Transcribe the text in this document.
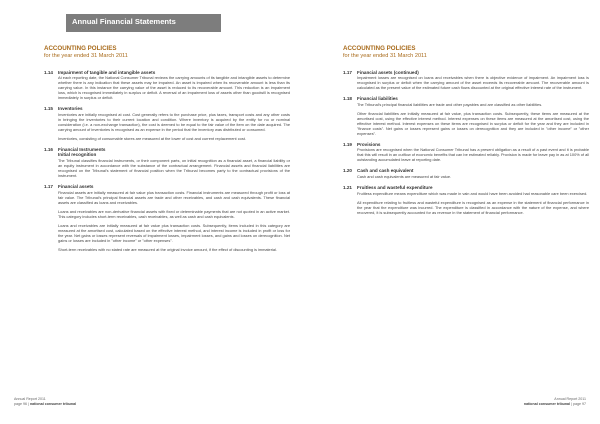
Annual Financial Statements
ACCOUNTING POLICIES
for the year ended 31 March 2011
1.14 Impairment of tangible and intangible assets
At each reporting date, the National Consumer Tribunal reviews the carrying amounts of its tangible and intangible assets to determine whether there is any indication that these assets may be impaired. An asset is impaired when its recoverable amount is less than its carrying value. In this instance the carrying value of the asset is reduced to its recoverable amount. This reduction is an impairment loss, which is recognised immediately in surplus or deficit. A reversal of an impairment loss of assets other than goodwill is recognised immediately in surplus or deficit.
1.15 Inventories
Inventories are initially recognised at cost. Cost generally refers to the purchase price, plus taxes, transport costs and any other costs in bringing the inventories to their current location and condition. Where inventory is acquired by the entity for no or nominal consideration (i.e. a non-exchange transaction), the cost is deemed to be equal to the fair value of the item on the date acquired. The carrying amount of inventories is recognised as an expense in the period that the inventory was distributed or consumed.
Inventories, consisting of consumable stores are measured at the lower of cost and current replacement cost.
1.16 Financial Instruments
Initial recognition
The Tribunal classifies financial instruments, or their component parts, on initial recognition as a financial asset, a financial liability or an equity instrument in accordance with the substance of the contractual arrangement. Financial assets and financial liabilities are recognised on the Tribunal's statement of financial position when the Tribunal becomes party to the contractual provisions of the instrument.
1.17 Financial assets
Financial assets are initially measured at fair value plus transaction costs. Financial instruments are measured through profit or loss at fair value. The Tribunal's principal financial assets are trade and other receivables, and cash and cash equivalents. These financial assets are classified as loans and receivables.
Loans and receivables are non-derivative financial assets with fixed or determinable payments that are not quoted in an active market. This category includes short-term receivables, cash receivables, as well as cash and cash equivalents.
Loans and receivables are initially measured at fair value plus transaction costs. Subsequently, items included in this category are measured at the amortised cost, calculated based on the effective interest method, and interest income is included in profit or loss for the year. Net gains or losses represent reversals of impairment losses, impairment losses, and gains and losses on derecognition. Net gains or losses are included in "other income" or "other expenses".
Short-term receivables with no stated rate are measured at the original invoice amount, if the effect of discounting is immaterial.
ACCOUNTING POLICIES
for the year ended 31 March 2011
1.17 Financial assets (continued)
Impairment losses are recognised on loans and receivables when there is objective evidence of impairment. An impairment loss is recognised in surplus or deficit when the carrying amount of the asset exceeds its recoverable amount. The recoverable amount is calculated as the present value of the estimated future cash flows discounted at the original effective interest rate of the instrument.
1.18 Financial liabilities
The Tribunal's principal financial liabilities are trade and other payables and are classified as other liabilities.
Other financial liabilities are initially measured at fair value, plus transaction costs. Subsequently, these items are measured at the amortised cost, using the effective interest method. Interest expenses on these items are measured at the amortised cost, using the effective interest method. Interest expenses on these items are recognised in surplus or deficit for the year and they are included in "finance costs". Net gains or losses represent gains or losses on derecognition and they are included in "other income" or "other expenses".
1.19 Provisions
Provisions are recognised when the National Consumer Tribunal has a present obligation as a result of a past event and it is probable that this will result in an outflow of economic benefits that can be estimated reliably. Provision is made for leave pay in as at 100% of all outstanding accumulated leave at reporting date.
1.20 Cash and cash equivalent
Cash and cash equivalents are measured at fair value.
1.21 Fruitless and wasteful expenditure
Fruitless expenditure means expenditure which was made in vain and would have been avoided had reasonable care been exercised.
All expenditure relating to fruitless and wasteful expenditure is recognised as an expense in the statement of financial performance in the year that the expenditure was incurred. The expenditure is classified in accordance with the nature of the expense, and where recovered, it is subsequently accounted for as revenue in the statement of financial performance.
Annual Report 2011
page 96 | national consumer tribunal
Annual Report 2011
national consumer tribunal | page 97
